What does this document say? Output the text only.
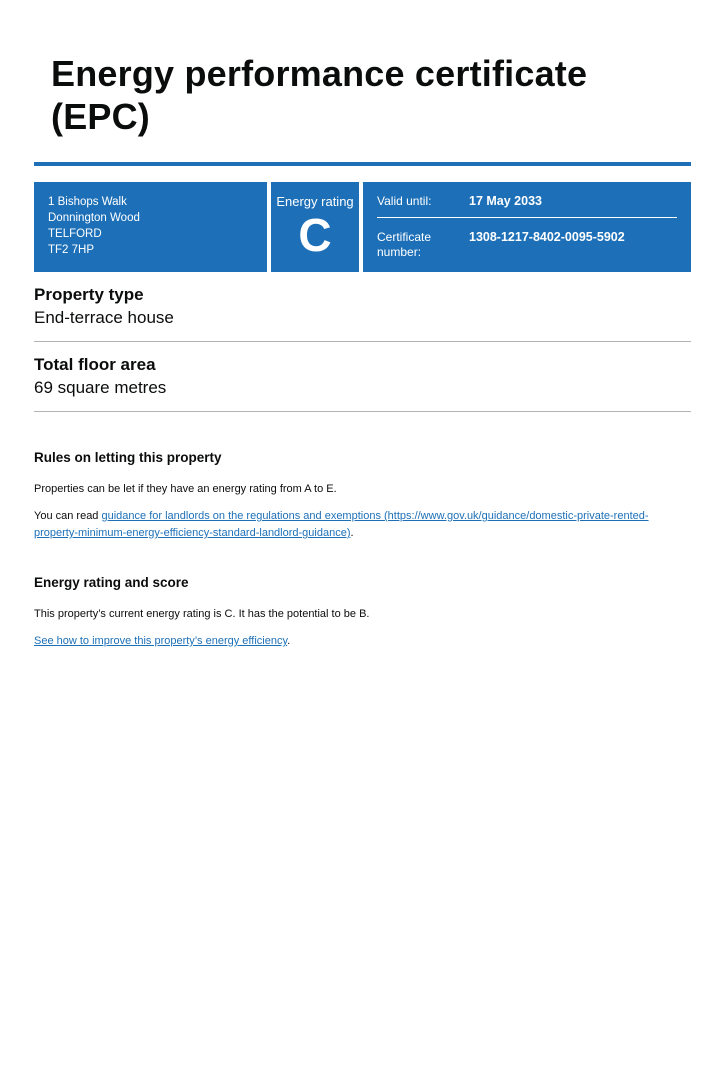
Energy performance certificate
(EPC)
1 Bishops Walk
Donnington Wood
TELFORD
TF2 7HP
Energy rating
C
Valid until:	17 May 2033
Certificate number:
1308-1217-8402-0095-5902
Property type
End-terrace house
Total floor area
69 square metres
Rules on letting this property

Properties can be let if they have an energy rating from A to E.

You can read guidance for landlords on the regulations and exemptions (https://www.gov.uk/guidance/domestic-private-rented-property-minimum-energy-efficiency-standard-landlord-guidance).

Energy rating and score

This property’s current energy rating is C. It has the potential to be B.

See how to improve this property’s energy efficiency.
